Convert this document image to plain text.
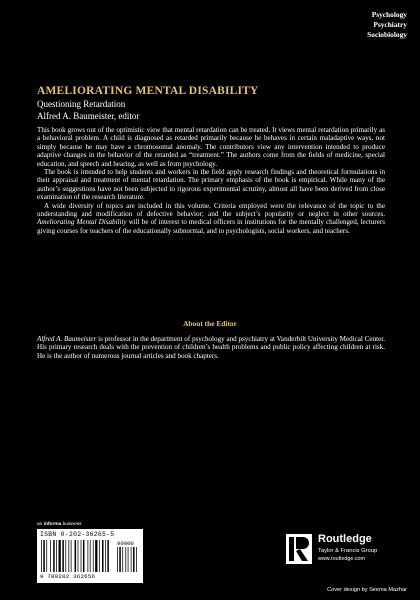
Psychology
Psychiatry
Sociobiology
AMELIORATING MENTAL DISABILITY
Questioning Retardation
Alfred A. Baumeister, editor

This book grows out of the optimistic view that mental retardation can be treated. It views mental retardation primarily as a behavioral problem. A child is diagnosed as retarded primarily because he behaves in certain maladaptive ways, not simply because he may have a chromosomal anomaly. The contributors view any intervention intended to produce adaptive changes in the behavior of the retarded as “treatment.” The authors come from the fields of medicine, special education, and speech and hearing, as well as from psychology.

The book is intended to help students and workers in the field apply research findings and theoretical formulations in their appraisal and treatment of mental retardation. The primary emphasis of the book is empirical. While many of the author’s suggestions have not been subjected to rigorous experimental scrutiny, almost all have been derived from close examination of the research literature.

A wide diversity of topics are included in this volume. Criteria employed were the relevance of the topic to the understanding and modification of defective behavior; and the subject’s popularity or neglect in other sources. Ameliorating Mental Disability will be of interest to medical officers in institutions for the mentally challenged, lecturers giving courses for teachers of the educationally subnormal, and to psychologists, social workers, and teachers.

About the Editor
Alfred A. Baumeister is professor in the department of psychology and psychiatry at Vanderbilt University Medical Center. His primary research deals with the prevention of children’s health problems and public policy affecting children at risk. He is the author of numerous journal articles and book chapters.
an informa business
ISBN 0-202-36265-5
90000
9 780202 362656
Routledge
Taylor & Francis Group
www.routledge.com
Cover design by Seema Mazhar
